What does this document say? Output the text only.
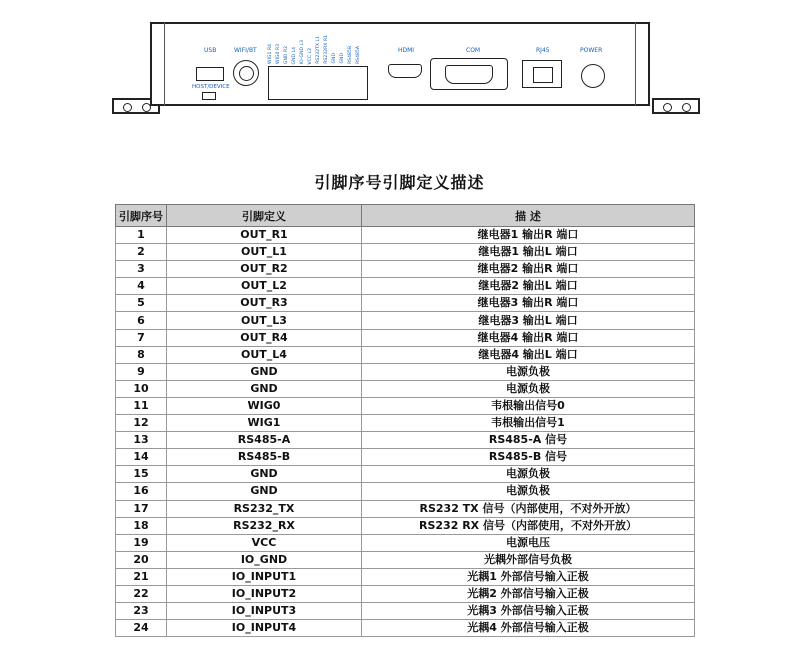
USB
HOST/DEVICE
WIFI/BT WIG1 R4 WIG0 R3 GND R2 GND L4 IO-GND L3 VCC L2 RS232TX L1 RS232RX R1 GND GND RS485B RS485A	HDMI	COM	RJ45	POWER
引脚序号引脚定义描述
引脚序号	引脚定义	描 述
1	OUT_R1	继电器1 输出R 端口
2	OUT_L1	继电器1 输出L 端口
3	OUT_R2	继电器2 输出R 端口
4	OUT_L2	继电器2 输出L 端口
5	OUT_R3	继电器3 输出R 端口
6	OUT_L3	继电器3 输出L 端口
7	OUT_R4	继电器4 输出R 端口
8	OUT_L4	继电器4 输出L 端口
9	GND	电源负极
10	GND	电源负极
11	WIG0	韦根输出信号0
12	WIG1	韦根输出信号1
13	RS485-A	RS485-A 信号
14	RS485-B	RS485-B 信号
15	GND	电源负极
16	GND	电源负极
17	RS232_TX	RS232 TX 信号（内部使用，不对外开放）
18	RS232_RX	RS232 RX 信号（内部使用，不对外开放）
19	VCC	电源电压
20	IO_GND	光耦外部信号负极
21	IO_INPUT1	光耦1 外部信号输入正极
22	IO_INPUT2	光耦2 外部信号输入正极
23	IO_INPUT3	光耦3 外部信号输入正极
24	IO_INPUT4	光耦4 外部信号输入正极
